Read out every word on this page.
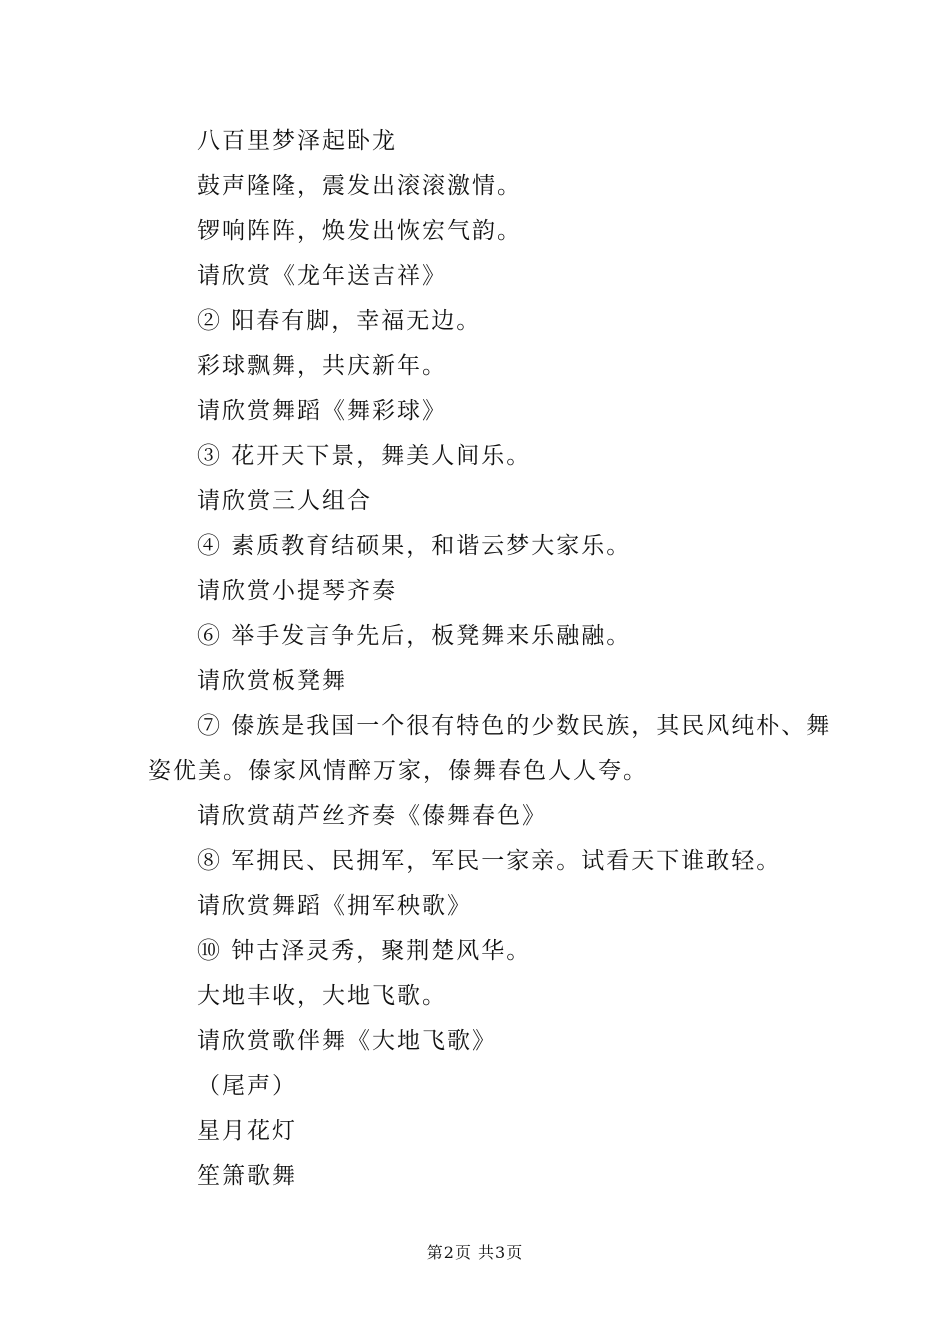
八百里梦泽起卧龙
鼓声隆隆，震发出滚滚激情。
锣响阵阵，焕发出恢宏气韵。
请欣赏《龙年送吉祥》
② 阳春有脚，幸福无边。
彩球飘舞，共庆新年。
请欣赏舞蹈《舞彩球》
③ 花开天下景，舞美人间乐。
请欣赏三人组合
④ 素质教育结硕果，和谐云梦大家乐。
请欣赏小提琴齐奏
⑥ 举手发言争先后，板凳舞来乐融融。
请欣赏板凳舞
⑦ 傣族是我国一个很有特色的少数民族，其民风纯朴、舞姿优美。傣家风情醉万家，傣舞春色人人夸。
请欣赏葫芦丝齐奏《傣舞春色》
⑧ 军拥民、民拥军，军民一家亲。试看天下谁敢轻。
请欣赏舞蹈《拥军秧歌》
⑩ 钟古泽灵秀，聚荆楚风华。
大地丰收，大地飞歌。
请欣赏歌伴舞《大地飞歌》
（尾声）
星月花灯
笙箫歌舞
第2页 共3页
